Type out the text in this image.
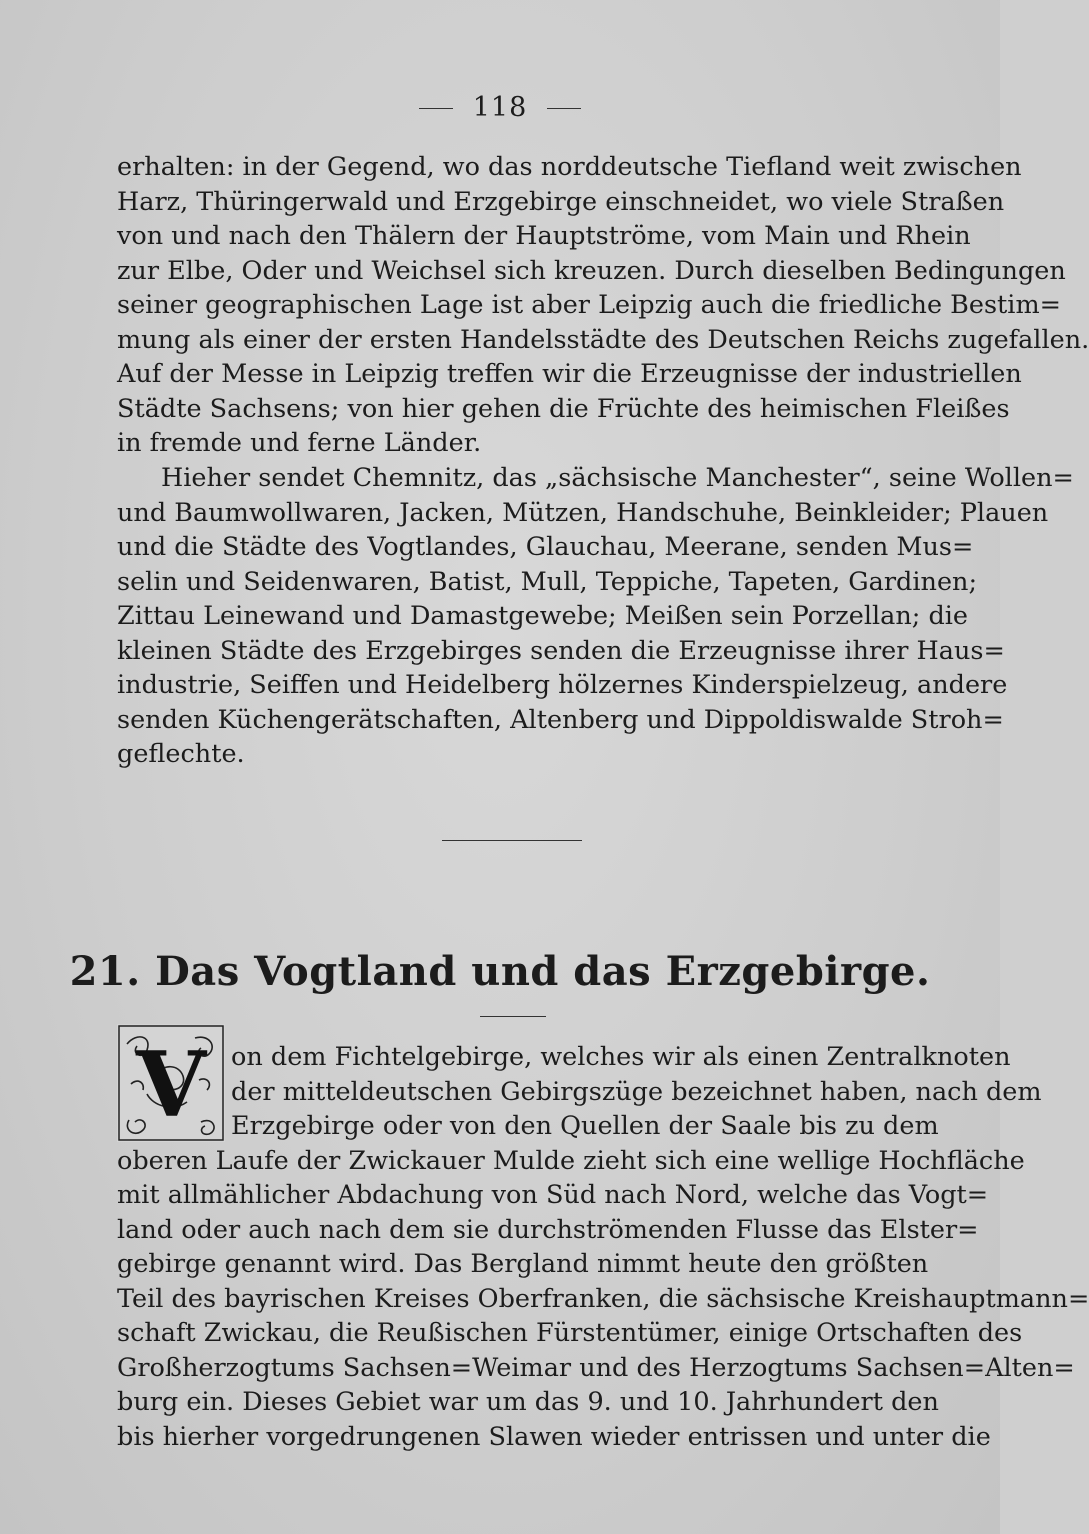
118
erhalten: in der Gegend, wo das norddeutsche Tiefland weit zwischen
Harz, Thüringerwald und Erzgebirge einschneidet, wo viele Straßen
von und nach den Thälern der Hauptströme, vom Main und Rhein
zur Elbe, Oder und Weichsel sich kreuzen. Durch dieselben Bedingungen
seiner geographischen Lage ist aber Leipzig auch die friedliche Bestim=
mung als einer der ersten Handelsstädte des Deutschen Reichs zugefallen.
Auf der Messe in Leipzig treffen wir die Erzeugnisse der industriellen
Städte Sachsens; von hier gehen die Früchte des heimischen Fleißes
in fremde und ferne Länder.
Hieher sendet Chemnitz, das „sächsische Manchester“, seine Wollen=
und Baumwollwaren, Jacken, Mützen, Handschuhe, Beinkleider; Plauen
und die Städte des Vogtlandes, Glauchau, Meerane, senden Mus=
selin und Seidenwaren, Batist, Mull, Teppiche, Tapeten, Gardinen;
Zittau Leinewand und Damastgewebe; Meißen sein Porzellan; die
kleinen Städte des Erzgebirges senden die Erzeugnisse ihrer Haus=
industrie, Seiffen und Heidelberg hölzernes Kinderspielzeug, andere
senden Küchengerätschaften, Altenberg und Dippoldiswalde Stroh=
geflechte.
21. Das Vogtland und das Erzgebirge.
V on dem Fichtelgebirge, welches wir als einen Zentralknoten
der mitteldeutschen Gebirgszüge bezeichnet haben, nach dem
Erzgebirge oder von den Quellen der Saale bis zu dem
oberen Laufe der Zwickauer Mulde zieht sich eine wellige Hochfläche
mit allmählicher Abdachung von Süd nach Nord, welche das Vogt=
land oder auch nach dem sie durchströmenden Flusse das Elster=
gebirge genannt wird. Das Bergland nimmt heute den größten
Teil des bayrischen Kreises Oberfranken, die sächsische Kreishauptmann=
schaft Zwickau, die Reußischen Fürstentümer, einige Ortschaften des
Großherzogtums Sachsen=Weimar und des Herzogtums Sachsen=Alten=
burg ein. Dieses Gebiet war um das 9. und 10. Jahrhundert den
bis hierher vorgedrungenen Slawen wieder entrissen und unter die
